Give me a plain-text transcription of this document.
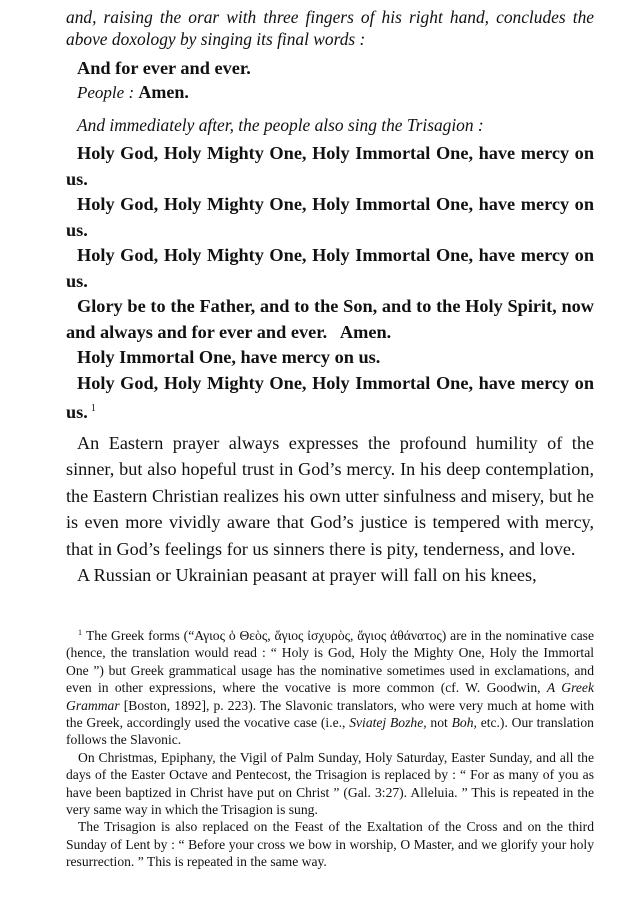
and, raising the orar with three fingers of his right hand, concludes the above doxology by singing its final words :

And for ever and ever.

People : Amen.

And immediately after, the people also sing the Trisagion :

Holy God, Holy Mighty One, Holy Immortal One, have mercy on us.

Holy God, Holy Mighty One, Holy Immortal One, have mercy on us.

Holy God, Holy Mighty One, Holy Immortal One, have mercy on us.

Glory be to the Father, and to the Son, and to the Holy Spirit, now and always and for ever and ever. Amen.

Holy Immortal One, have mercy on us.

Holy God, Holy Mighty One, Holy Immortal One, have mercy on us. $^1$

An Eastern prayer always expresses the profound humility of the sinner, but also hopeful trust in God’s mercy. In his deep contemplation, the Eastern Christian realizes his own utter sinfulness and misery, but he is even more vividly aware that God’s justice is tempered with mercy, that in God’s feelings for us sinners there is pity, tenderness, and love.

A Russian or Ukrainian peasant at prayer will fall on his knees,

$^1$ The Greek forms (“Αγιος ὁ Θεὸς, ἅγιος ἰσχυρὸς, ἅγιος ἀθάνατος) are in the nominative case (hence, the translation would read : “ Holy is God, Holy the Mighty One, Holy the Immortal One ”) but Greek grammatical usage has the nominative sometimes used in exclamations, and even in other expressions, where the vocative is more common (cf. W. Goodwin, A Greek Grammar [Boston, 1892], p. 223). The Slavonic translators, who were very much at home with the Greek, accordingly used the vocative case (i.e., Sviatej Bozhe, not Boh, etc.). Our translation follows the Slavonic.

On Christmas, Epiphany, the Vigil of Palm Sunday, Holy Saturday, Easter Sunday, and all the days of the Easter Octave and Pentecost, the Trisagion is replaced by : “ For as many of you as have been baptized in Christ have put on Christ ” (Gal. 3:27). Alleluia. ” This is repeated in the very same way in which the Trisagion is sung.

The Trisagion is also replaced on the Feast of the Exaltation of the Cross and on the third Sunday of Lent by : “ Before your cross we bow in worship, O Master, and we glorify your holy resurrection. ” This is repeated in the same way.
